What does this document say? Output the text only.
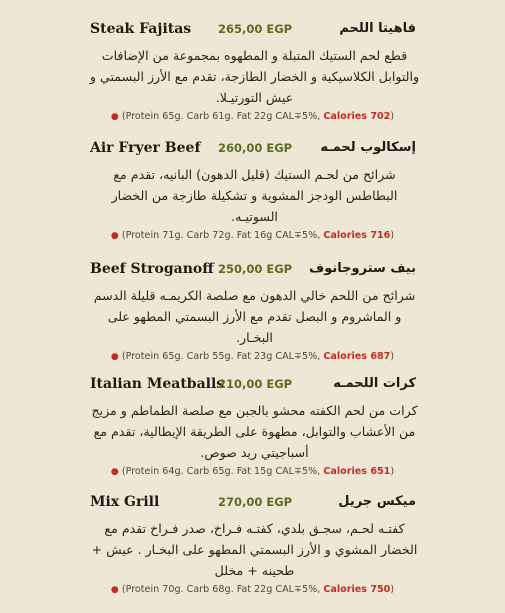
Steak Fajitas 265,00 EGP	فاهيتا اللحم
قطع لحم الستيك المتبلة و المطهوه بمجموعة من الإضافات والتوابل الكلاسيكية و الخضار الطازجة، تقدم مع الأرز البسمتي و عيش التورتيـلا.
● (Protein 65g. Carb 61g. Fat 22g CAL∓5%, Calories 702)
Air Fryer Beef 260,00 EGP إسكالوب لحمـه
شرائح من لحـم الستيك (قليل الدهون) البانيه، تقدم مع البطاطس الودجز المشوية و تشكيلة طازجة من الخضار السوتيـه.
● (Protein 71g. Carb 72g. Fat 16g CAL∓5%, Calories 716)
Beef Stroganoff 250,00 EGP بيف ستروجانوف
شرائح من اللحم خالي الدهون مع صلصة الكريمـه قليلة الدسم و الماشروم و البصل تقدم مع الأرز البسمتي المطهو على البخـار.
● (Protein 65g. Carb 55g. Fat 23g CAL∓5%, Calories 687)
Italian Meatballs
210,00 EGP	كرات اللحمـه
كرات من لحم الكفته محشو بالجبن مع صلصة الطماطم و مزيج من الأعشاب والتوابل، مطهوة على الطريقة الإيطالية، تقدم مع أسباجيتي ريد صوص.
● (Protein 64g. Carb 65g. Fat 15g CAL∓5%, Calories 651)
Mix Grill	270,00 EGP	ميكس جريل
كفتـه لحـم، سجـق بلدي، كفتـه فـراخ، صدر فـراخ تقدم مع الخضار المشوي و الأرز البسمتي المطهو على البخـار . عيش + طحينه + مخلل
● (Protein 70g. Carb 68g. Fat 22g CAL∓5%, Calories 750)
